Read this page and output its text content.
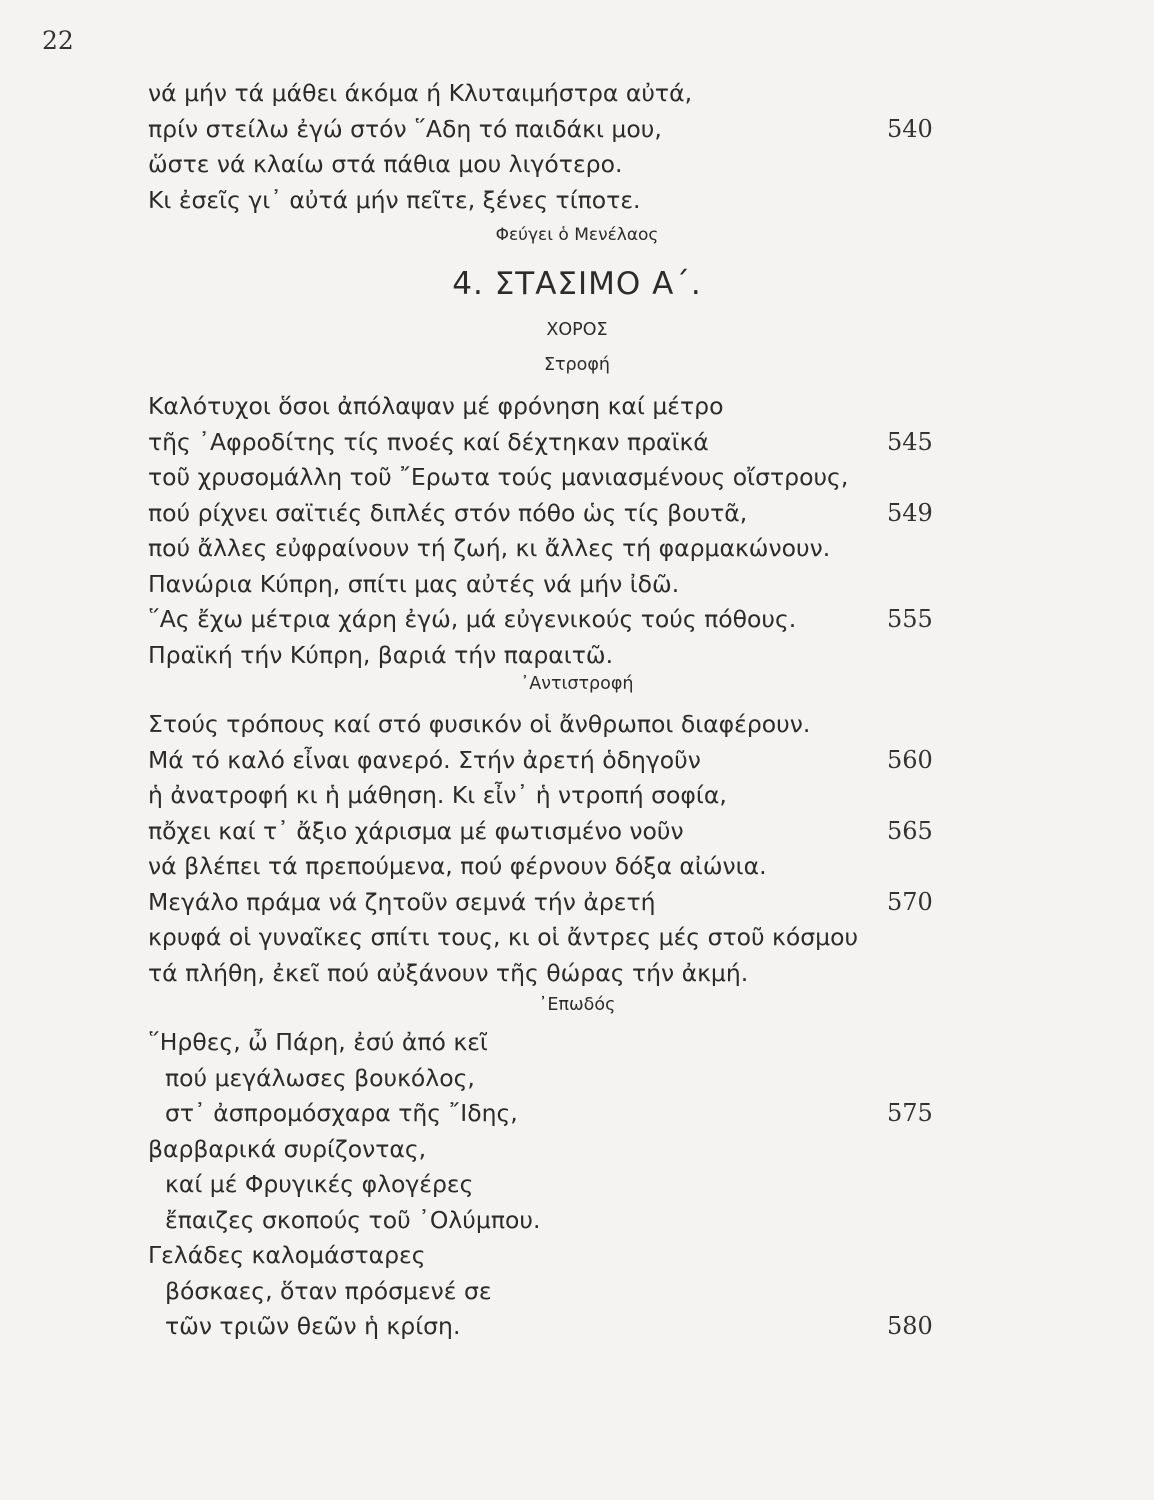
22
νά μήν τά μάθει άκόμα ή Κλυταιμήστρα αὐτά,
πρίν στείλω ἐγώ στόν ῞Αδη τό παιδάκι μου,	540
ὥστε νά κλαίω στά πάθια μου λιγότερο.
Κι ἐσεῖς γι᾽ αὐτά μήν πεῖτε, ξένες τίποτε.
Φεύγει ὁ Μενέλαος
4. ΣΤΑΣΙΜΟ Α΄.
ΧΟΡΟΣ
Στροφή
Καλότυχοι ὅσοι ἀπόλαψαν μέ φρόνηση καί μέτρο
τῆς ᾿Αφροδίτης τίς πνοές καί δέχτηκαν πραϊκά	545
τοῦ χρυσομάλλη τοῦ ῎Ερωτα τούς μανιασμένους οἴστρους,
πού ρίχνει σαϊτιές διπλές στόν πόθο ὡς τίς βουτᾶ,	549
πού ἄλλες εὐφραίνουν τή ζωή, κι ἄλλες τή φαρμακώνουν.
Πανώρια Κύπρη, σπίτι μας αὐτές νά μήν ἰδῶ.
῞Ας ἔχω μέτρια χάρη ἐγώ, μά εὐγενικούς τούς πόθους.	555
Πραϊκή τήν Κύπρη, βαριά τήν παραιτῶ.
᾿Αντιστροφή
Στούς τρόπους καί στό φυσικόν οἱ ἄνθρωποι διαφέρουν.
Μά τό καλό εἶναι φανερό. Στήν ἀρετή ὁδηγοῦν	560
ἡ ἀνατροφή κι ἡ μάθηση. Κι εἶν᾽ ἡ ντροπή σοφία,
πὄχει καί τ᾽ ἄξιο χάρισμα μέ φωτισμένο νοῦν	565
νά βλέπει τά πρεπούμενα, πού φέρνουν δόξα αἰώνια.
Μεγάλο πράμα νά ζητοῦν σεμνά τήν ἀρετή	570
κρυφά οἱ γυναῖκες σπίτι τους, κι οἱ ἄντρες μές στοῦ κόσμου
τά πλήθη, ἐκεῖ πού αὐξάνουν τῆς θώρας τήν ἀκμή.
᾿Επωδός
῞Ηρθες, ὦ Πάρη, ἐσύ ἀπό κεῖ
πού μεγάλωσες βουκόλος,
στ᾽ ἀσπρομόσχαρα τῆς ῎Ιδης,	575
βαρβαρικά συρίζοντας,
καί μέ Φρυγικές φλογέρες
ἔπαιζες σκοπούς τοῦ ᾿Ολύμπου.
Γελάδες καλομάσταρες
βόσκαες, ὅταν πρόσμενέ σε
τῶν τριῶν θεῶν ἡ κρίση.	580
